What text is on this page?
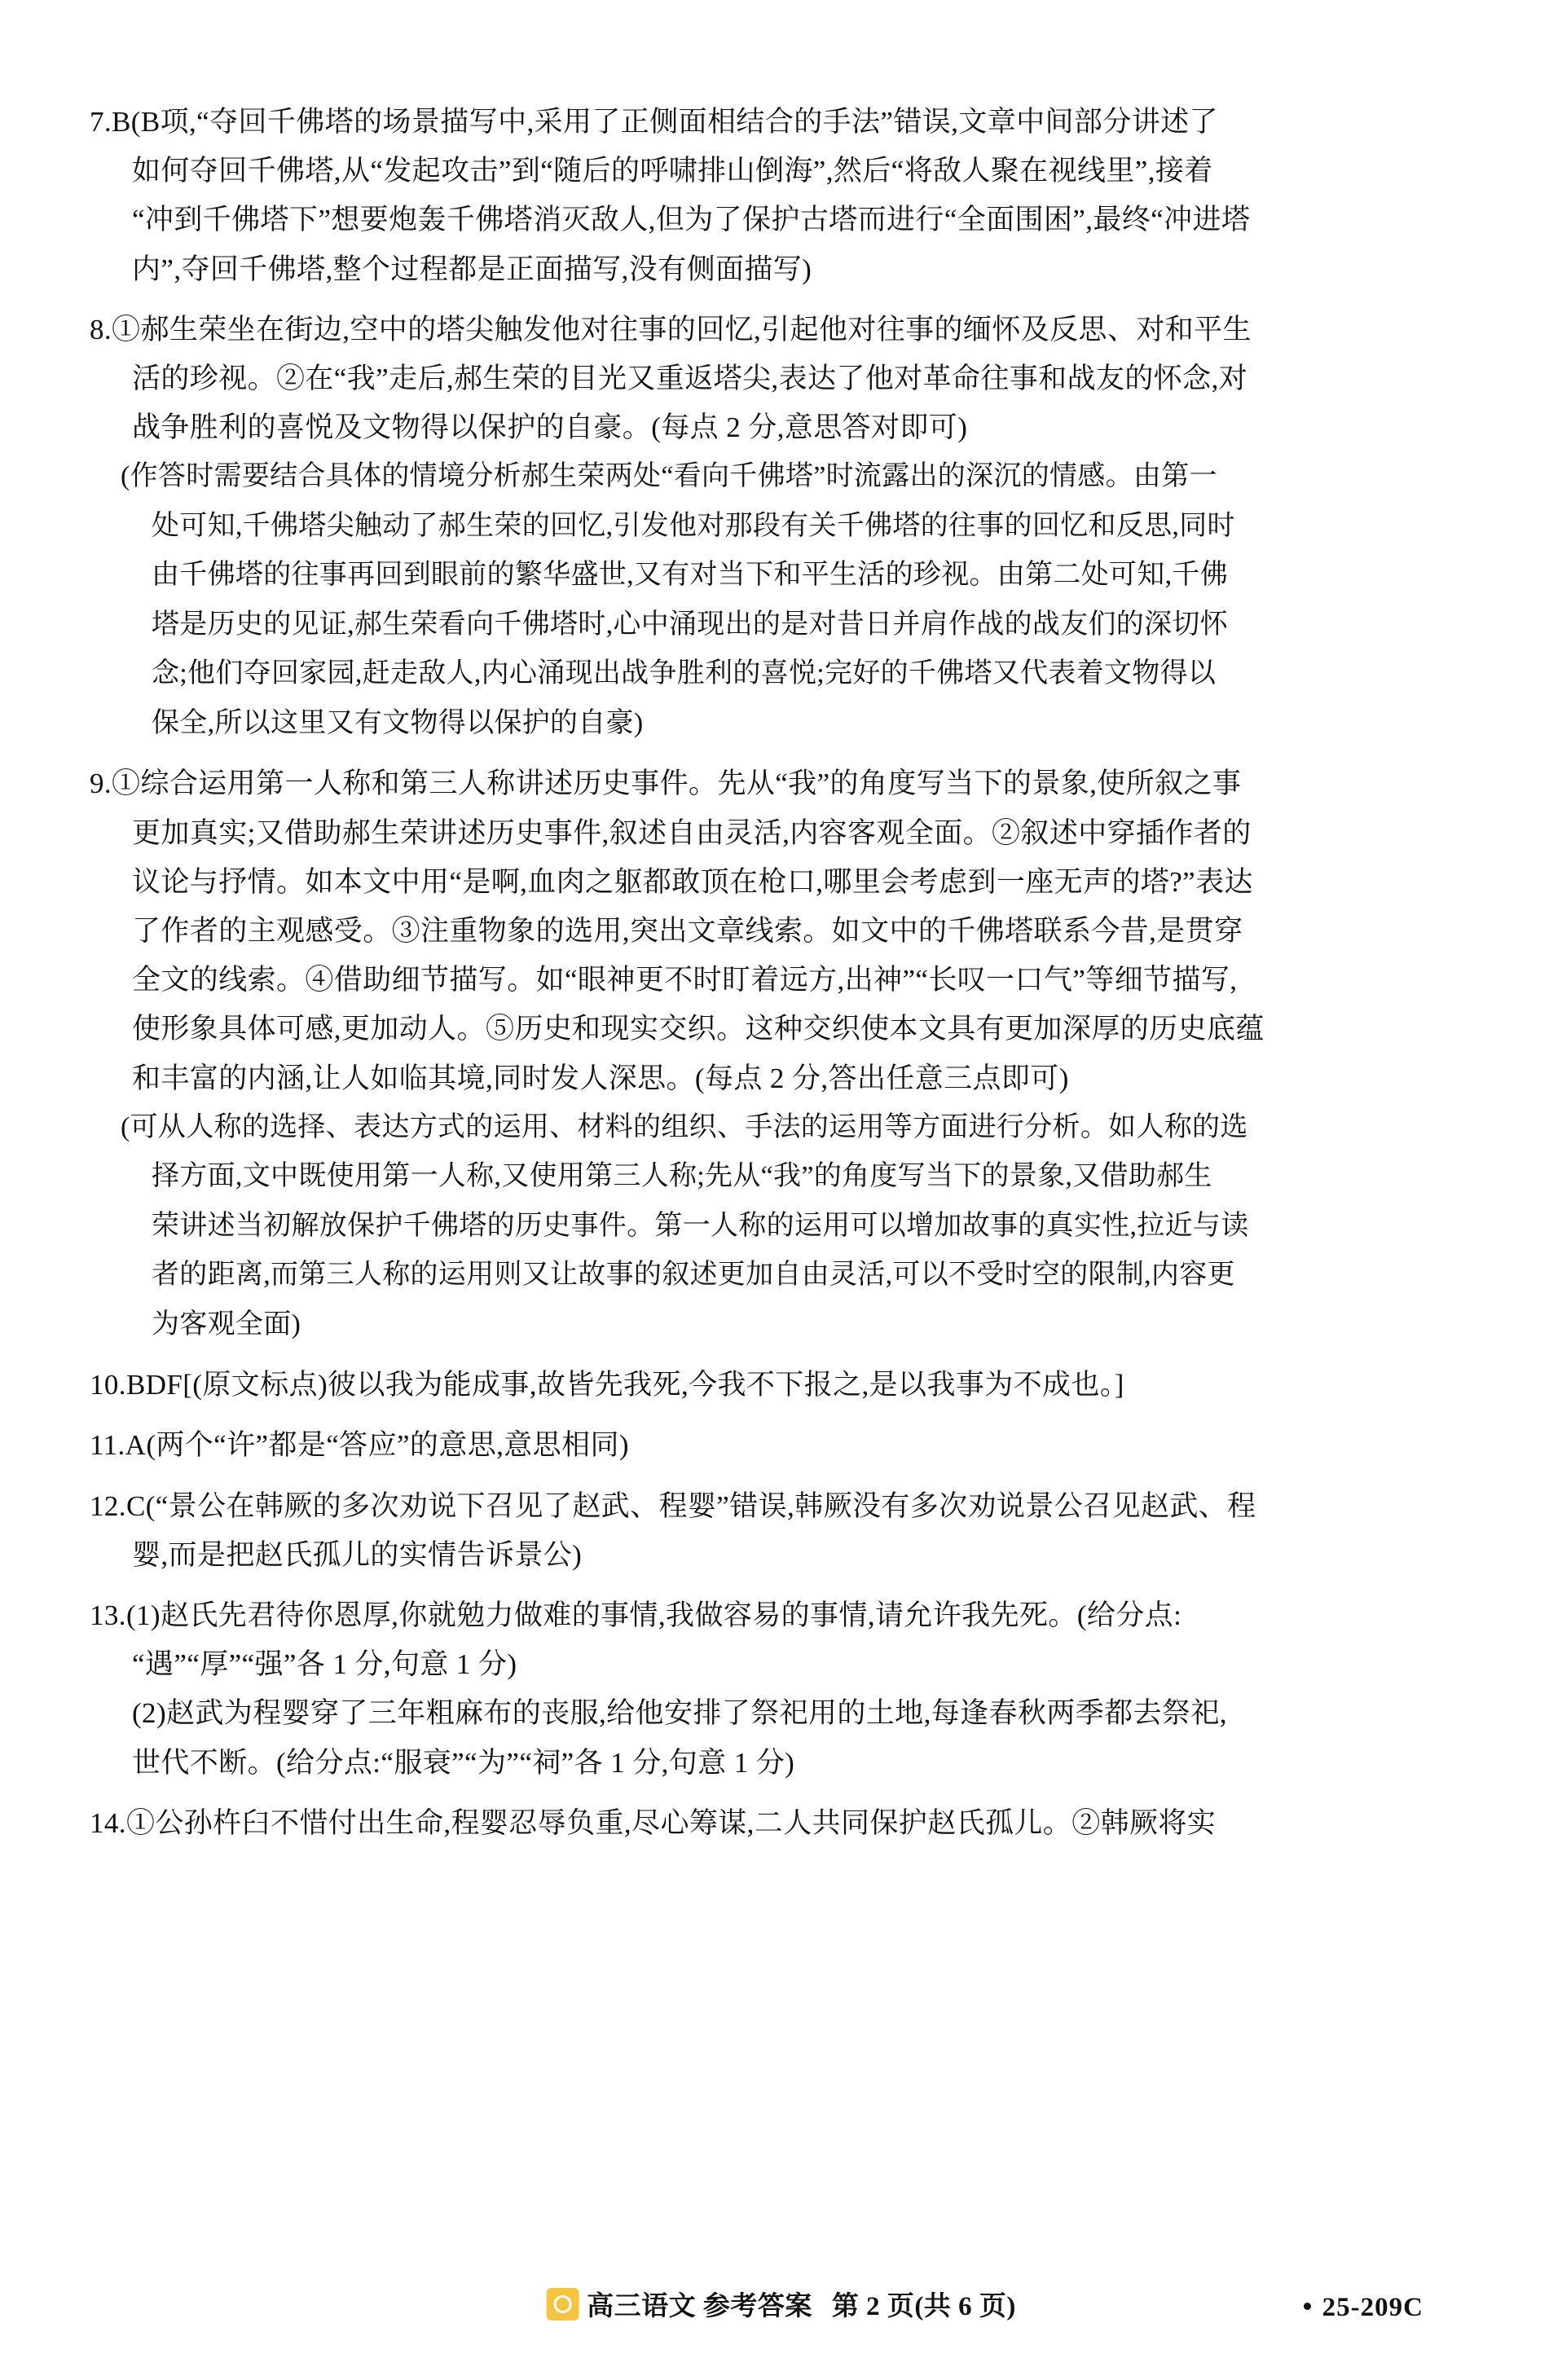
7.B(B项,“夺回千佛塔的场景描写中,采用了正侧面相结合的手法”错误,文章中间部分讲述了
如何夺回千佛塔,从“发起攻击”到“随后的呼啸排山倒海”,然后“将敌人聚在视线里”,接着
“冲到千佛塔下”想要炮轰千佛塔消灭敌人,但为了保护古塔而进行“全面围困”,最终“冲进塔
内”,夺回千佛塔,整个过程都是正面描写,没有侧面描写)
8.①郝生荣坐在街边,空中的塔尖触发他对往事的回忆,引起他对往事的缅怀及反思、对和平生
活的珍视。②在“我”走后,郝生荣的目光又重返塔尖,表达了他对革命往事和战友的怀念,对
战争胜利的喜悦及文物得以保护的自豪。(每点 2 分,意思答对即可)
(作答时需要结合具体的情境分析郝生荣两处“看向千佛塔”时流露出的深沉的情感。由第一
处可知,千佛塔尖触动了郝生荣的回忆,引发他对那段有关千佛塔的往事的回忆和反思,同时
由千佛塔的往事再回到眼前的繁华盛世,又有对当下和平生活的珍视。由第二处可知,千佛
塔是历史的见证,郝生荣看向千佛塔时,心中涌现出的是对昔日并肩作战的战友们的深切怀
念;他们夺回家园,赶走敌人,内心涌现出战争胜利的喜悦;完好的千佛塔又代表着文物得以
保全,所以这里又有文物得以保护的自豪)
9.①综合运用第一人称和第三人称讲述历史事件。先从“我”的角度写当下的景象,使所叙之事
更加真实;又借助郝生荣讲述历史事件,叙述自由灵活,内容客观全面。②叙述中穿插作者的
议论与抒情。如本文中用“是啊,血肉之躯都敢顶在枪口,哪里会考虑到一座无声的塔?”表达
了作者的主观感受。③注重物象的选用,突出文章线索。如文中的千佛塔联系今昔,是贯穿
全文的线索。④借助细节描写。如“眼神更不时盯着远方,出神”“长叹一口气”等细节描写,
使形象具体可感,更加动人。⑤历史和现实交织。这种交织使本文具有更加深厚的历史底蕴
和丰富的内涵,让人如临其境,同时发人深思。(每点 2 分,答出任意三点即可)
(可从人称的选择、表达方式的运用、材料的组织、手法的运用等方面进行分析。如人称的选
择方面,文中既使用第一人称,又使用第三人称;先从“我”的角度写当下的景象,又借助郝生
荣讲述当初解放保护千佛塔的历史事件。第一人称的运用可以增加故事的真实性,拉近与读
者的距离,而第三人称的运用则又让故事的叙述更加自由灵活,可以不受时空的限制,内容更
为客观全面)
10.BDF[(原文标点)彼以我为能成事,故皆先我死,今我不下报之,是以我事为不成也。]
11.A(两个“许”都是“答应”的意思,意思相同)
12.C(“景公在韩厥的多次劝说下召见了赵武、程婴”错误,韩厥没有多次劝说景公召见赵武、程
婴,而是把赵氏孤儿的实情告诉景公)
13.(1)赵氏先君待你恩厚,你就勉力做难的事情,我做容易的事情,请允许我先死。(给分点:
“遇”“厚”“强”各 1 分,句意 1 分)
(2)赵武为程婴穿了三年粗麻布的丧服,给他安排了祭祀用的土地,每逢春秋两季都去祭祀,
世代不断。(给分点:“服衰”“为”“祠”各 1 分,句意 1 分)
14.①公孙杵臼不惜付出生命,程婴忍辱负重,尽心筹谋,二人共同保护赵氏孤儿。②韩厥将实
高三语文 参考答案 第 2 页(共 6 页)	25-209C
